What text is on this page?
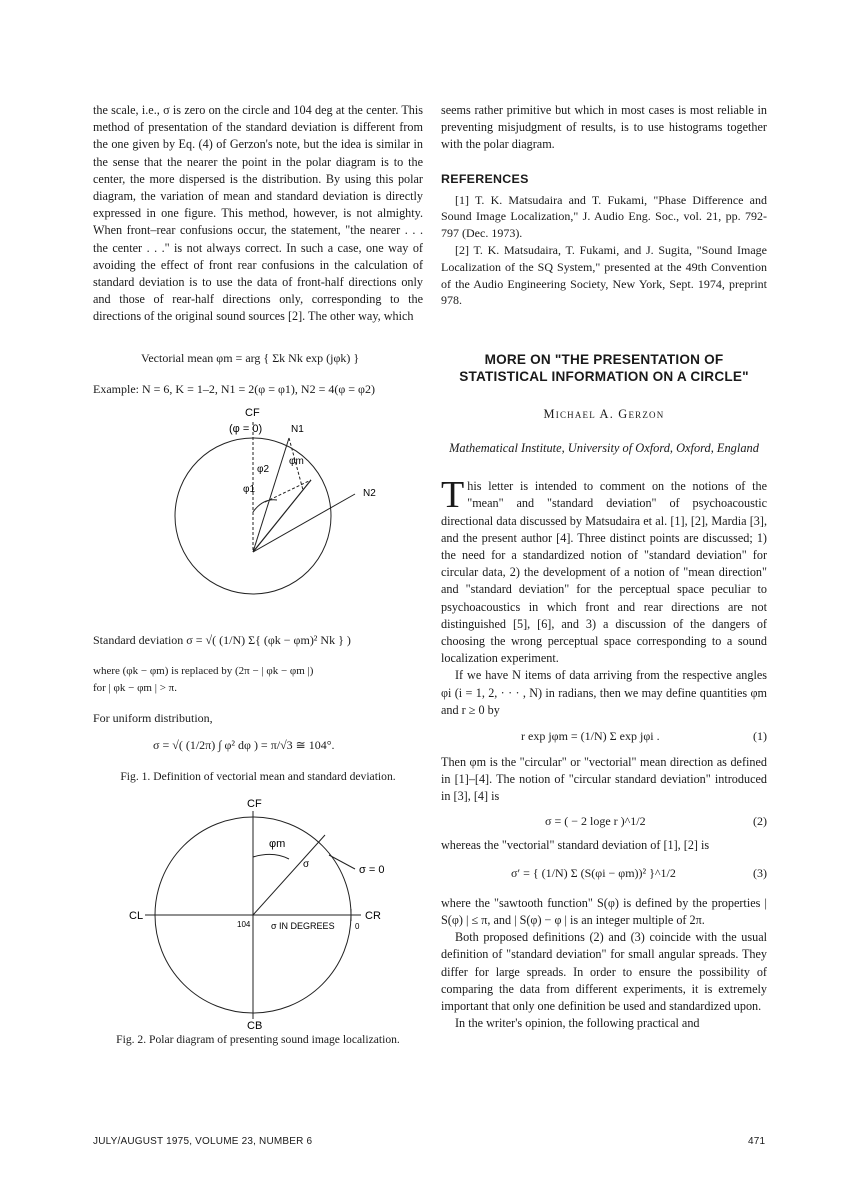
the scale, i.e., σ is zero on the circle and 104 deg at the center. This method of presentation of the standard deviation is different from the one given by Eq. (4) of Gerzon's note, but the idea is similar in the sense that the nearer the point in the polar diagram is to the center, the more dispersed is the distribution. By using this polar diagram, the variation of mean and standard deviation is directly expressed in one figure. This method, however, is not almighty. When front–rear confusions occur, the statement, "the nearer . . . the center . . ." is not always correct. In such a case, one way of avoiding the effect of front rear confusions in the calculation of standard deviation is to use the data of front-half directions only and those of rear-half directions only, corresponding to the directions of the original sound sources [2]. The other way, which

Vectorial mean φm = arg { Σk Nk exp (jφk) }

Example: N = 6, K = 1–2, N1 = 2(φ = φ1), N2 = 4(φ = φ2)

CF
(φ = 0)	N1
N2
φ2
φm
φ1

Standard deviation σ = √( (1/N) Σ{ (φk − φm)² Nk } )

where (φk − φm) is replaced by (2π − | φk − φm |)

for | φk − φm | > π.

For uniform distribution,

σ = √( (1/2π) ∫ φ² dφ ) = π/√3 ≅ 104°.

Fig. 1. Definition of vectorial mean and standard deviation.

CF
CL	CR
CB
φm
σ	σ = 0
104	0
σ IN DEGREES

Fig. 2. Polar diagram of presenting sound image localization.

seems rather primitive but which in most cases is most reliable in preventing misjudgment of results, is to use histograms together with the polar diagram.

REFERENCES

[1] T. K. Matsudaira and T. Fukami, "Phase Difference and Sound Image Localization," J. Audio Eng. Soc., vol. 21, pp. 792-797 (Dec. 1973).

[2] T. K. Matsudaira, T. Fukami, and J. Sugita, "Sound Image Localization of the SQ System," presented at the 49th Convention of the Audio Engineering Society, New York, Sept. 1974, preprint 978.

MORE ON "THE PRESENTATION OF STATISTICAL INFORMATION ON A CIRCLE"
Michael A. Gerzon
Mathematical Institute, University of Oxford, Oxford, England
T his letter is intended to comment on the notions of the "mean" and "standard deviation" of psychoacoustic directional data discussed by Matsudaira et al. [1], [2], Mardia [3], and the present author [4]. Three distinct points are discussed; 1) the need for a standardized notion of "standard deviation" for circular data, 2) the development of a notion of "mean direction" and "standard deviation" for the perceptual space peculiar to psychoacoustics in which front and rear directions are not distinguished [5], [6], and 3) a discussion of the dangers of choosing the wrong perceptual space corresponding to a sound localization experiment.

If we have N items of data arriving from the respective angles φi (i = 1, 2, · · · , N) in radians, then we may define quantities φm and r ≥ 0 by

r exp jφm = (1/N) Σ exp jφi .	(1)

Then φm is the "circular" or "vectorial" mean direction as defined in [1]–[4]. The notion of "circular standard deviation" introduced in [3], [4] is

σ = ( − 2 loge r )^1/2	(2)

whereas the "vectorial" standard deviation of [1], [2] is

σ′ = { (1/N) Σ (S(φi − φm))² }^1/2	(3)

where the "sawtooth function" S(φ) is defined by the properties | S(φ) | ≤ π, and | S(φ) − φ | is an integer multiple of 2π.

Both proposed definitions (2) and (3) coincide with the usual definition of "standard deviation" for small angular spreads. They differ for large spreads. In order to ensure the possibility of comparing the data from different experiments, it is extremely important that only one definition be used and standardized upon.

In the writer's opinion, the following practical and

JULY/AUGUST 1975, VOLUME 23, NUMBER 6	471
